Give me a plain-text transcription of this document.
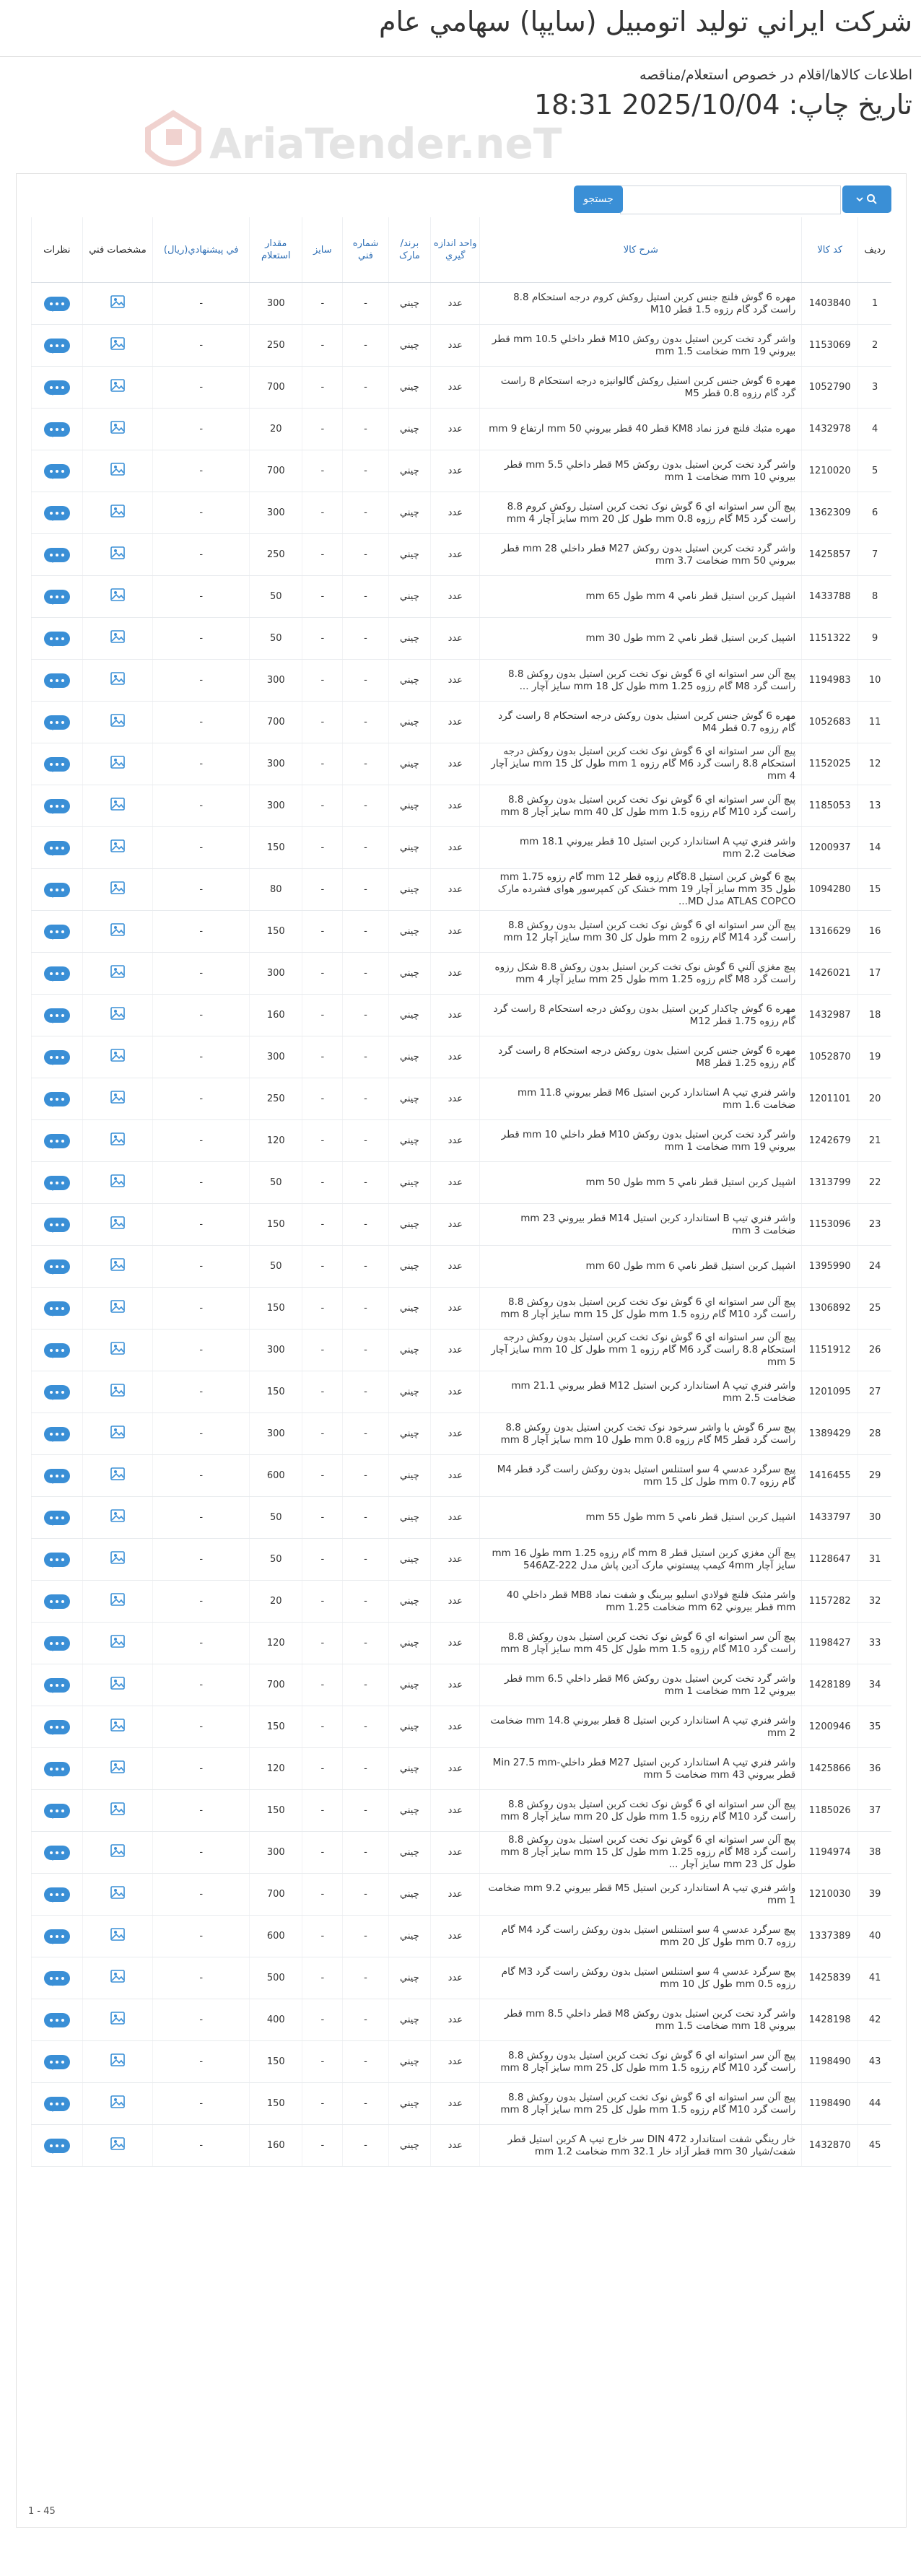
شركت ايراني توليد اتومبيل (سايپا) سهامي عام
اطلاعات كالاها/اقلام در خصوص استعلام/مناقصه
تاريخ چاپ: 2025/10/04 18:31
AriaTender.neT
جستجو
رديف	کد کالا	شرح کالا	واحد اندازه گيري	برند/مارک	شماره فني	سايز	مقدار استعلام	في پيشنهادي(ريال)	مشخصات فني	نظرات
1	1403840	مهره 6 گوش فلنچ جنس كربن استيل روكش كروم درجه استحكام 8.8 راست گرد گام رزوه 1.5 قطر M10	عدد	چيني	-	-	300	-		

2	1153069	واشر گرد تخت كربن استيل بدون روكش M10 قطر داخلي 10.5 mm قطر بيروني 19 mm ضخامت 1.5 mm	عدد	چيني	-	-	250	-		

3	1052790	مهره 6 گوش جنس كربن استيل روكش گالوانيزه درجه استحكام 8 راست گرد گام رزوه 0.8 قطر M5	عدد	چيني	-	-	700	-		

4	1432978	مهره مثبك فلنچ فرز نماد KM8 قطر 40 قطر بيروني 50 mm ارتفاع 9 mm	عدد	چيني	-	-	20	-		

5	1210020	واشر گرد تخت كربن استيل بدون روكش M5 قطر داخلي 5.5 mm قطر بيروني 10 mm ضخامت 1 mm	عدد	چيني	-	-	700	-		

6	1362309	پيچ آلن سر استوانه اي 6 گوش نوک تخت كربن استيل روكش كروم 8.8 راست گرد M5 گام رزوه 0.8 mm طول كل 20 mm سايز آچار 4 mm	عدد	چيني	-	-	300	-		

7	1425857	واشر گرد تخت كربن استيل بدون روكش M27 قطر داخلي 28 mm قطر بيروني 50 mm ضخامت 3.7 mm	عدد	چيني	-	-	250	-		

8	1433788	اشپيل كربن استيل قطر نامي 4 mm طول 65 mm	عدد	چيني	-	-	50	-		

9	1151322	اشپيل كربن استيل قطر نامي 2 mm طول 30 mm	عدد	چيني	-	-	50	-		

10	1194983	پيچ آلن سر استوانه اي 6 گوش نوک تخت كربن استيل بدون روكش 8.8 راست گرد M8 گام رزوه 1.25 mm طول كل 18 mm سايز آچار ...	عدد	چيني	-	-	300	-		

11	1052683	مهره 6 گوش جنس كربن استيل بدون روكش درجه استحكام 8 راست گرد گام رزوه 0.7 قطر M4	عدد	چيني	-	-	700	-		

12	1152025	پيچ آلن سر استوانه اي 6 گوش نوک تخت كربن استيل بدون روكش درجه استحكام 8.8 راست گرد M6 گام رزوه 1 mm طول كل 15 mm سايز آچار 4 mm	عدد	چيني	-	-	300	-		

13	1185053	پيچ آلن سر استوانه اي 6 گوش نوک تخت كربن استيل بدون روكش 8.8 راست گرد M10 گام رزوه 1.5 mm طول كل 40 mm سايز آچار 8 mm	عدد	چيني	-	-	300	-		

14	1200937	واشر فنري تيپ A استاندارد كربن استيل 10 قطر بيروني 18.1 mm ضخامت 2.2 mm	عدد	چيني	-	-	150	-		

15	1094280	پيچ 6 گوش كربن استيل 8.8گام رزوه قطر 12 mm گام رزوه 1.75 mm طول 35 mm سايز آچار 19 mm خشک کن كمپرسور هوای فشرده مارک ATLAS COPCO مدل MD...	عدد	چيني	-	-	80	-		

16	1316629	پيچ آلن سر استوانه اي 6 گوش نوک تخت كربن استيل بدون روكش 8.8 راست گرد M14 گام رزوه 2 mm طول كل 30 mm سايز آچار 12 mm	عدد	چيني	-	-	150	-		

17	1426021	پيچ مغزي آلني 6 گوش نوک تخت كربن استيل بدون روكش 8.8 شكل رزوه راست گرد M8 گام رزوه 1.25 mm طول 25 mm سايز آچار 4 mm	عدد	چيني	-	-	300	-		

18	1432987	مهره 6 گوش چاکدار كربن استيل بدون روكش درجه استحكام 8 راست گرد گام رزوه 1.75 قطر M12	عدد	چيني	-	-	160	-		

19	1052870	مهره 6 گوش جنس كربن استيل بدون روكش درجه استحكام 8 راست گرد گام رزوه 1.25 قطر M8	عدد	چيني	-	-	300	-		

20	1201101	واشر فنري تيپ A استاندارد كربن استيل M6 قطر بيروني 11.8 mm ضخامت 1.6 mm	عدد	چيني	-	-	250	-		

21	1242679	واشر گرد تخت كربن استيل بدون روكش M10 قطر داخلي 10 mm قطر بيروني 19 mm ضخامت 1 mm	عدد	چيني	-	-	120	-		

22	1313799	اشپيل كربن استيل قطر نامي 5 mm طول 50 mm	عدد	چيني	-	-	50	-		

23	1153096	واشر فنري تيپ B استاندارد كربن استيل M14 قطر بيروني 23 mm ضخامت 3 mm	عدد	چيني	-	-	150	-		

24	1395990	اشپيل كربن استيل قطر نامي 6 mm طول 60 mm	عدد	چيني	-	-	50	-		

25	1306892	پيچ آلن سر استوانه اي 6 گوش نوک تخت كربن استيل بدون روكش 8.8 راست گرد M10 گام رزوه 1.5 mm طول كل 15 mm سايز آچار 8 mm	عدد	چيني	-	-	150	-		

26	1151912	پيچ آلن سر استوانه اي 6 گوش نوک تخت كربن استيل بدون روكش درجه استحكام 8.8 راست گرد M6 گام رزوه 1 mm طول كل 10 mm سايز آچار 5 mm	عدد	چيني	-	-	300	-		

27	1201095	واشر فنري تيپ A استاندارد كربن استيل M12 قطر بيروني 21.1 mm ضخامت 2.5 mm	عدد	چيني	-	-	150	-		

28	1389429	پيچ سر 6 گوش با واشر سرخود نوک تخت كربن استيل بدون روكش 8.8 راست گرد قطر M5 گام رزوه 0.8 mm طول 10 mm سايز آچار 8 mm	عدد	چيني	-	-	300	-		

29	1416455	پيچ سرگرد عدسي 4 سو استنلس استيل بدون روكش راست گرد قطر M4 گام رزوه 0.7 mm طول كل 15 mm	عدد	چيني	-	-	600	-		

30	1433797	اشپيل كربن استيل قطر نامي 5 mm طول 55 mm	عدد	چيني	-	-	50	-		

31	1128647	پيچ آلن مغزي كربن استيل قطر 8 mm گام رزوه 1.25 mm طول 16 mm سايز آچار 4mm كيمپ پيستوني مارک آدين پاش مدل 546AZ-222	عدد	چيني	-	-	50	-		

32	1157282	واشر مثبک فلنچ فولادي اسليو بيرينگ و شفت نماد MB8 قطر داخلي 40 mm قطر بيروني 62 mm ضخامت 1.25 mm	عدد	چيني	-	-	20	-		

33	1198427	پيچ آلن سر استوانه اي 6 گوش نوک تخت كربن استيل بدون روكش 8.8 راست گرد M10 گام رزوه 1.5 mm طول كل 45 mm سايز آچار 8 mm	عدد	چيني	-	-	120	-		

34	1428189	واشر گرد تخت كربن استيل بدون روكش M6 قطر داخلي 6.5 mm قطر بيروني 12 mm ضخامت 1 mm	عدد	چيني	-	-	700	-		

35	1200946	واشر فنري تيپ A استاندارد كربن استيل 8 قطر بيروني 14.8 mm ضخامت 2 mm	عدد	چيني	-	-	150	-		

36	1425866	واشر فنري تيپ A استاندارد كربن استيل M27 قطر داخلي-Min 27.5 mm قطر بيروني 43 mm ضخامت 5 mm	عدد	چيني	-	-	120	-		

37	1185026	پيچ آلن سر استوانه اي 6 گوش نوک تخت كربن استيل بدون روكش 8.8 راست گرد M10 گام رزوه 1.5 mm طول كل 20 mm سايز آچار 8 mm	عدد	چيني	-	-	150	-		

38	1194974	پيچ آلن سر استوانه اي 6 گوش نوک تخت كربن استيل بدون روكش 8.8 راست گرد M8 گام رزوه 1.25 mm طول كل 15 mm سايز آچار 8 mm طول كل 23 mm سايز آچار ...	عدد	چيني	-	-	300	-		

39	1210030	واشر فنري تيپ A استاندارد كربن استيل M5 قطر بيروني 9.2 mm ضخامت 1 mm	عدد	چيني	-	-	700	-		

40	1337389	پيچ سرگرد عدسي 4 سو استنلس استيل بدون روكش راست گرد M4 گام رزوه 0.7 mm طول كل 20 mm	عدد	چيني	-	-	600	-		

41	1425839	پيچ سرگرد عدسي 4 سو استنلس استيل بدون روكش راست گرد M3 گام رزوه 0.5 mm طول كل 10 mm	عدد	چيني	-	-	500	-		

42	1428198	واشر گرد تخت كربن استيل بدون روكش M8 قطر داخلي 8.5 mm قطر بيروني 18 mm ضخامت 1.5 mm	عدد	چيني	-	-	400	-		

43	1198490	پيچ آلن سر استوانه اي 6 گوش نوک تخت كربن استيل بدون روكش 8.8 راست گرد M10 گام رزوه 1.5 mm طول كل 25 mm سايز آچار 8 mm	عدد	چيني	-	-	150	-		

44	1198490	پيچ آلن سر استوانه اي 6 گوش نوک تخت كربن استيل بدون روكش 8.8 راست گرد M10 گام رزوه 1.5 mm طول كل 25 mm سايز آچار 8 mm	عدد	چيني	-	-	150	-		

45	1432870	خار رينگي شفت استاندارد DIN 472 سر خارج تيپ A كربن استيل قطر شفت/شيار 30 mm قطر آزاد خار 32.1 mm ضخامت 1.2 mm	عدد	چيني	-	-	160	-		
1 - 45
